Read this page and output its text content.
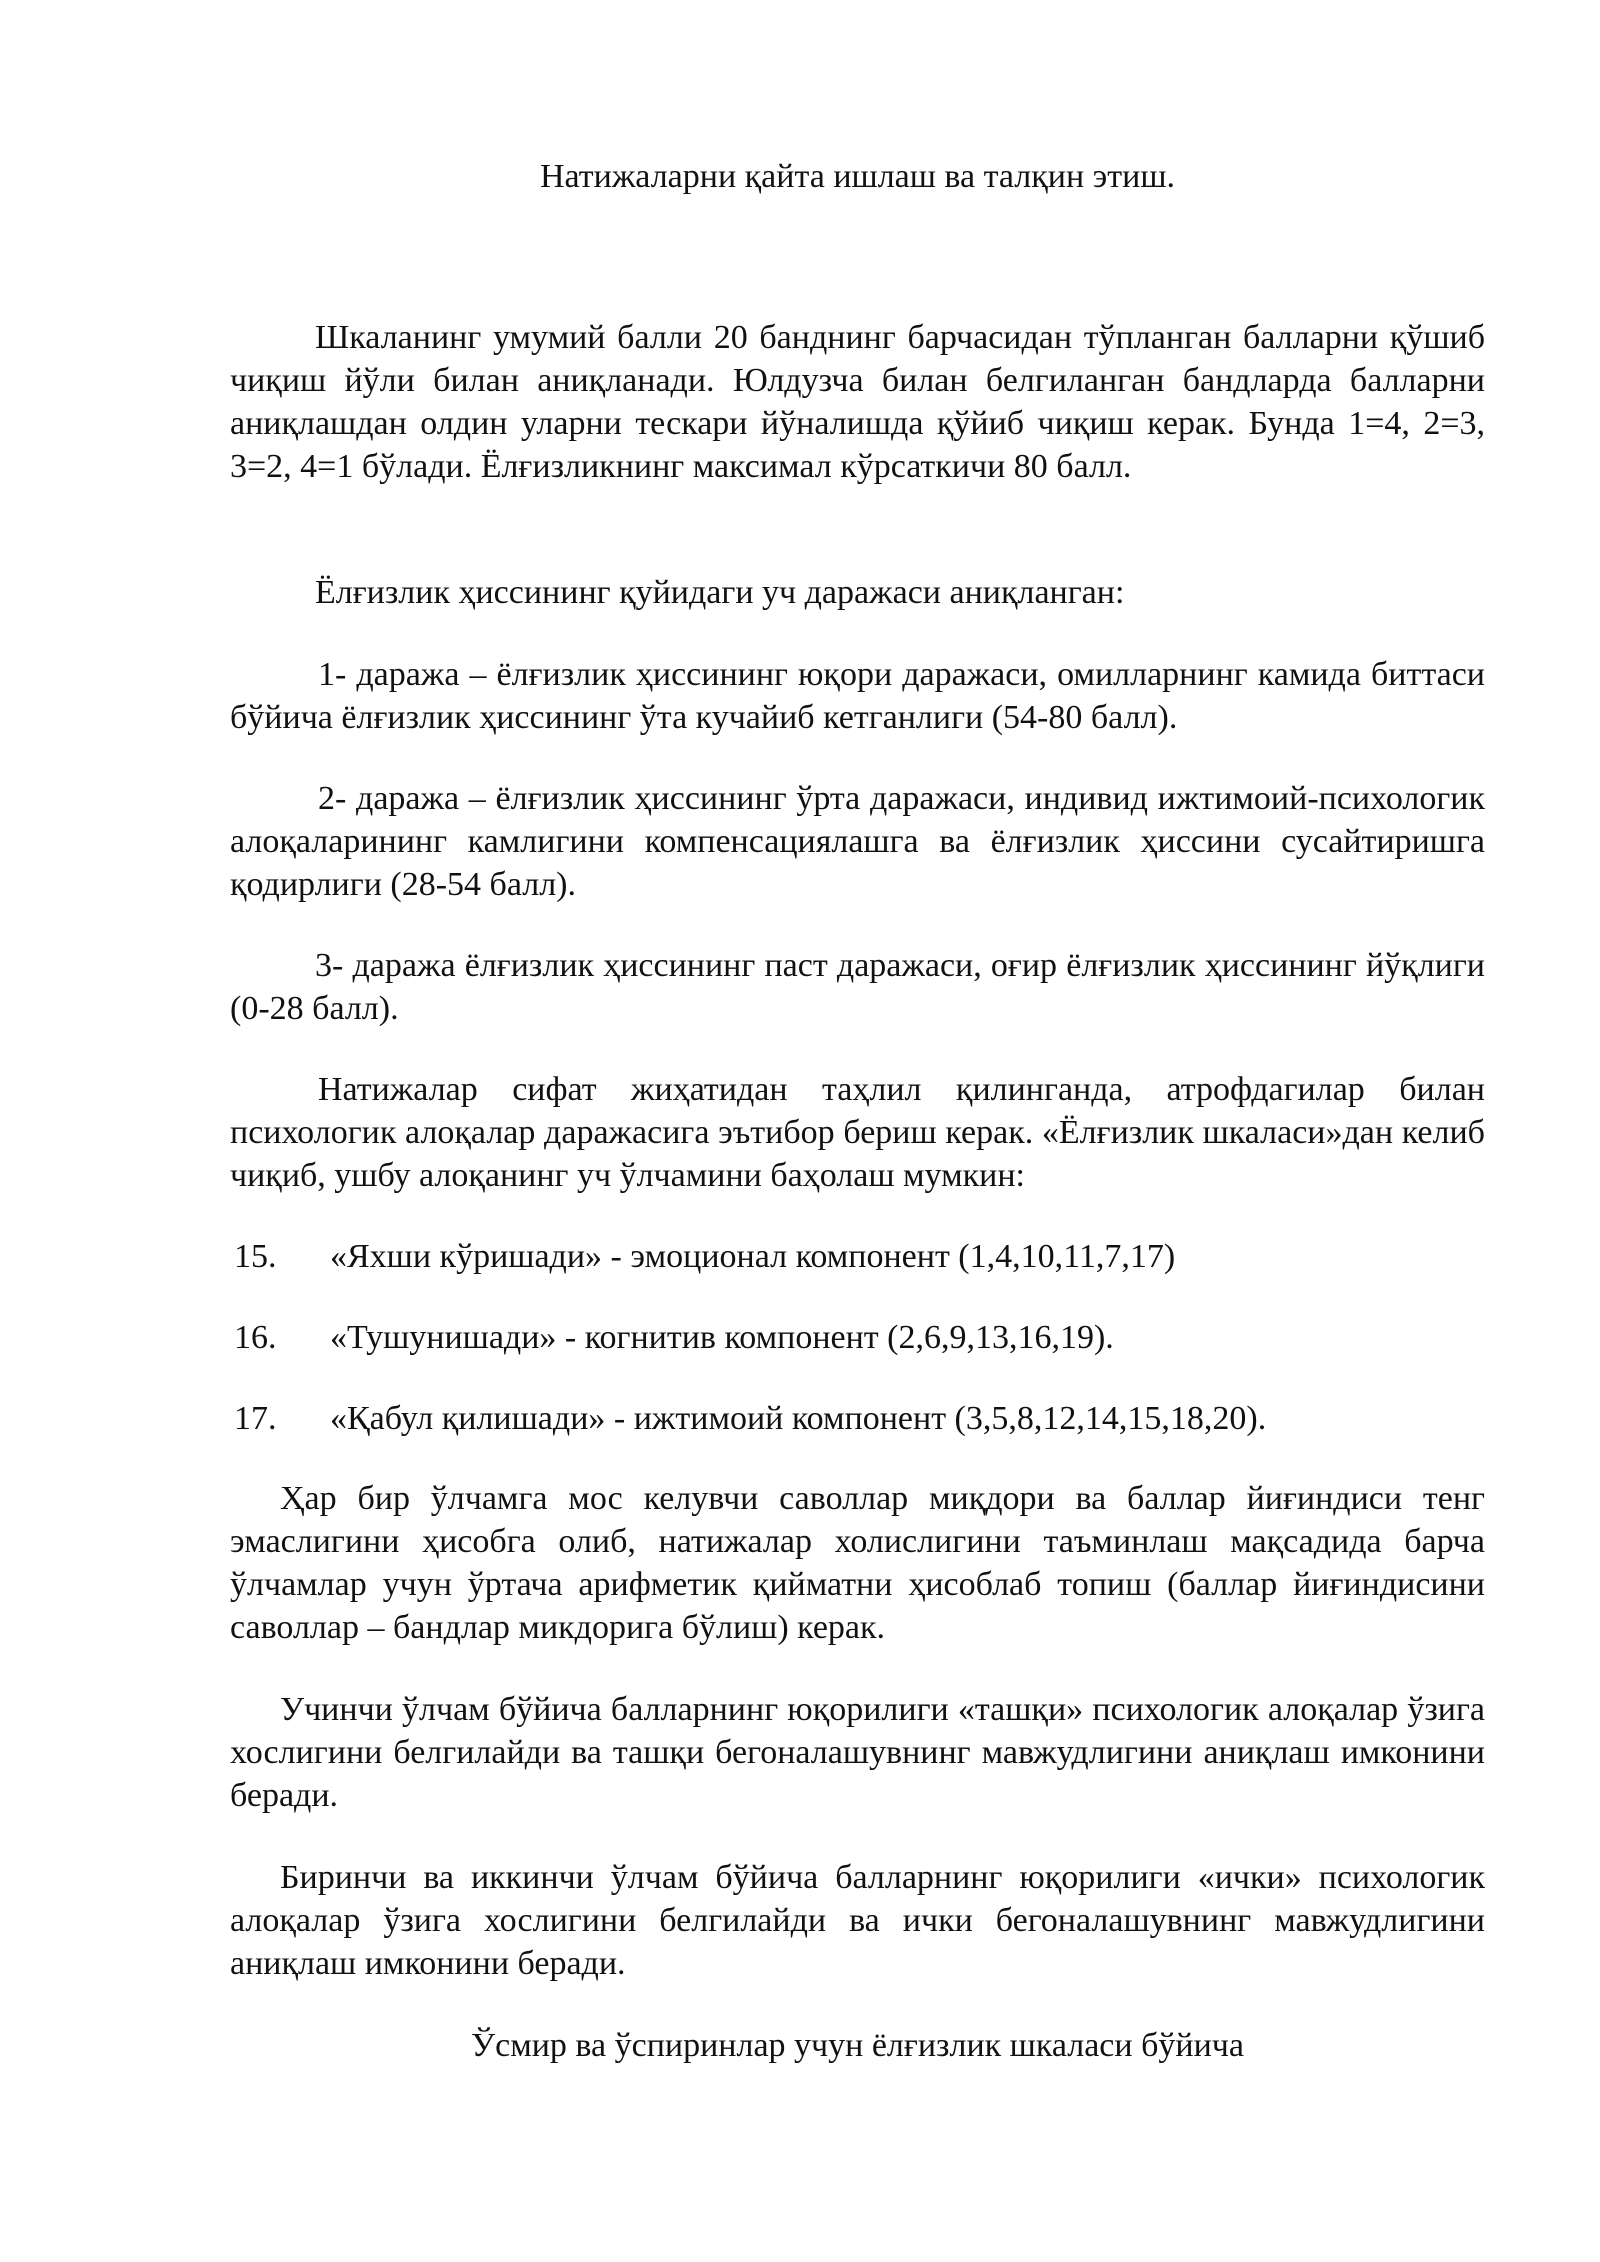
Натижаларни қайта ишлаш ва талқин этиш.

Шкаланинг умумий балли 20 банднинг барчасидан тўпланган балларни қўшиб чиқиш йўли билан аниқланади. Юлдузча билан белгиланган бандларда балларни аниқлашдан олдин уларни тескари йўналишда қўйиб чиқиш керак. Бунда 1=4, 2=3, 3=2, 4=1 бўлади. Ёлғизликнинг максимал кўрсаткичи 80 балл.

Ёлғизлик ҳиссининг қуйидаги уч даражаси аниқланган:

1- даража – ёлғизлик ҳиссининг юқори даражаси, омилларнинг камида биттаси бўйича ёлғизлик ҳиссининг ўта кучайиб кетганлиги (54-80 балл).

2- даража – ёлғизлик ҳиссининг ўрта даражаси, индивид ижтимоий-психологик алоқаларининг камлигини компенсациялашга ва ёлғизлик ҳиссини сусайтиришга қодирлиги (28-54 балл).

3- даража ёлғизлик ҳиссининг паст даражаси, оғир ёлғизлик ҳиссининг йўқлиги (0-28 балл).

Натижалар сифат жиҳатидан таҳлил қилинганда, атрофдагилар билан психологик алоқалар даражасига эътибор бериш керак. «Ёлғизлик шкаласи»дан келиб чиқиб, ушбу алоқанинг уч ўлчамини баҳолаш мумкин:

15. «Яхши кўришади» - эмоционал компонент (1,4,10,11,7,17)
16. «Тушунишади» - когнитив компонент (2,6,9,13,16,19).
17. «Қабул қилишади» - ижтимоий компонент (3,5,8,12,14,15,18,20).

Ҳар бир ўлчамга мос келувчи саволлар миқдори ва баллар йиғиндиси тенг эмаслигини ҳисобга олиб, натижалар холислигини таъминлаш мақсадида барча ўлчамлар учун ўртача арифметик қийматни ҳисоблаб топиш (баллар йиғиндисини саволлар – бандлар микдорига бўлиш) керак.

Учинчи ўлчам бўйича балларнинг юқорилиги «ташқи» психологик алоқалар ўзига хослигини белгилайди ва ташқи бегоналашувнинг мавжудлигини аниқлаш имконини беради.

Биринчи ва иккинчи ўлчам бўйича балларнинг юқорилиги «ички» психологик алоқалар ўзига хослигини белгилайди ва ички бегоналашувнинг мавжудлигини аниқлаш имконини беради.

Ўсмир ва ўспиринлар учун ёлғизлик шкаласи бўйича
